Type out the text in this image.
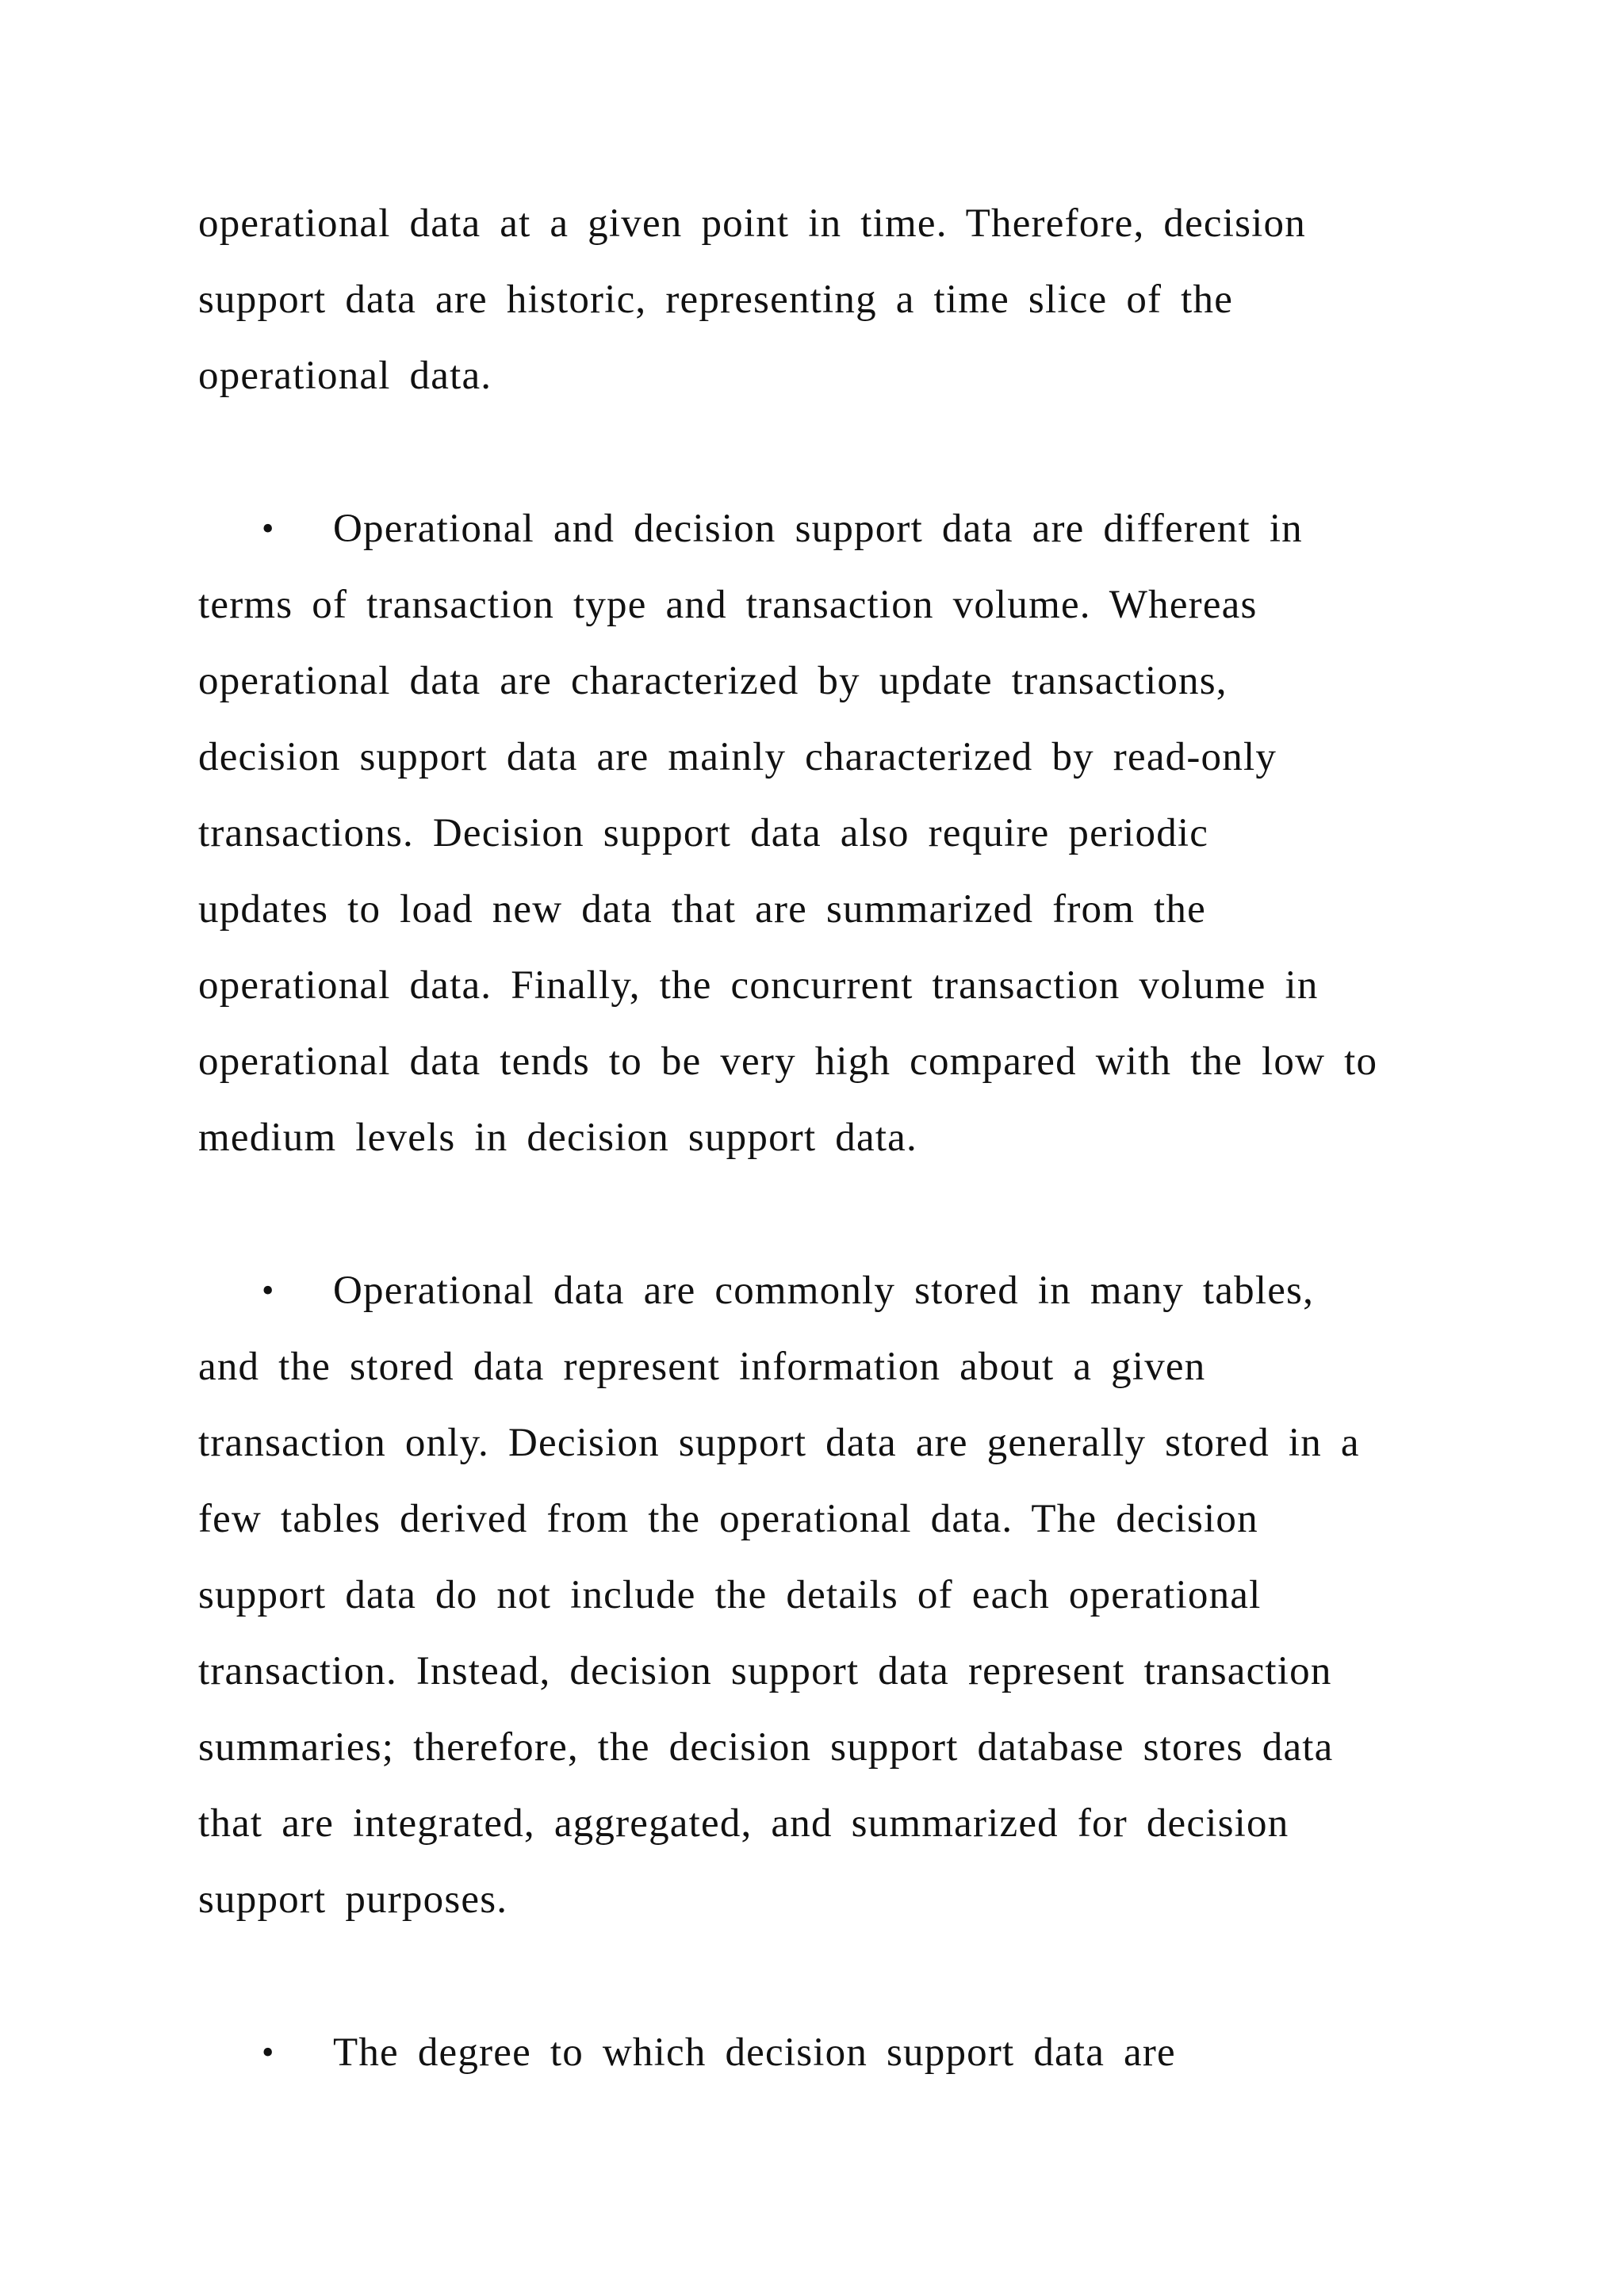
operational data at a given point in time. Therefore, decision
support data are historic, representing a time slice of the
operational data.
• Operational and decision support data are different in
terms of transaction type and transaction volume. Whereas
operational data are characterized by update transactions,
decision support data are mainly characterized by read-only
transactions. Decision support data also require periodic
updates to load new data that are summarized from the
operational data. Finally, the concurrent transaction volume in
operational data tends to be very high compared with the low to
medium levels in decision support data.
• Operational data are commonly stored in many tables,
and the stored data represent information about a given
transaction only. Decision support data are generally stored in a
few tables derived from the operational data. The decision
support data do not include the details of each operational
transaction. Instead, decision support data represent transaction
summaries; therefore, the decision support database stores data
that are integrated, aggregated, and summarized for decision
support purposes.
• The degree to which decision support data are
